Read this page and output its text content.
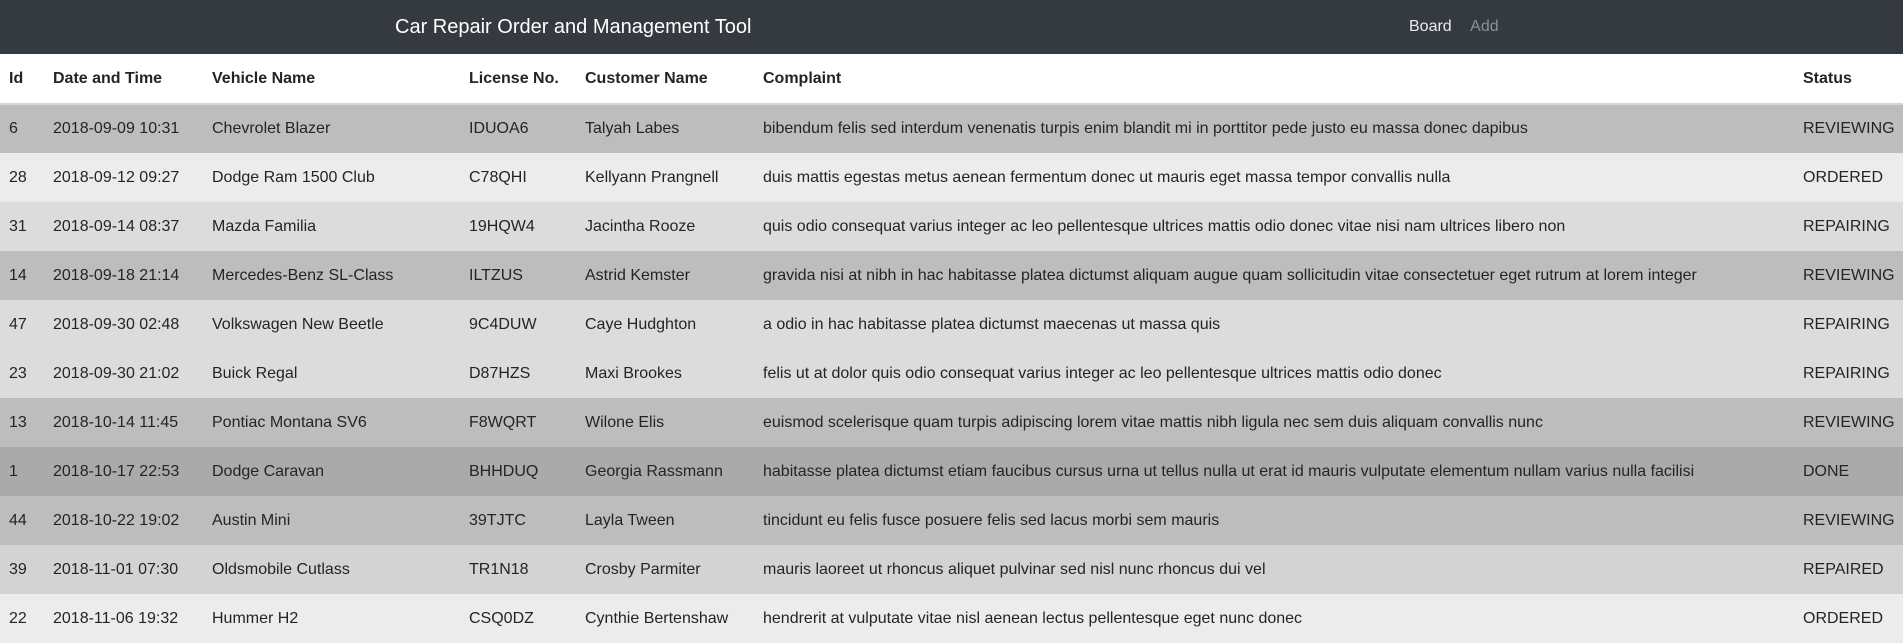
Car Repair Order and Management Tool	Board Add
Id	Date and Time	Vehicle Name	License No.	Customer Name	Complaint	Status
6	2018-09-09 10:31	Chevrolet Blazer	IDUOA6	Talyah Labes	bibendum felis sed interdum venenatis turpis enim blandit mi in porttitor pede justo eu massa donec dapibus	REVIEWING
28	2018-09-12 09:27	Dodge Ram 1500 Club	C78QHI	Kellyann Prangnell	duis mattis egestas metus aenean fermentum donec ut mauris eget massa tempor convallis nulla	ORDERED
31	2018-09-14 08:37	Mazda Familia	19HQW4	Jacintha Rooze	quis odio consequat varius integer ac leo pellentesque ultrices mattis odio donec vitae nisi nam ultrices libero non	REPAIRING
14	2018-09-18 21:14	Mercedes-Benz SL-Class	ILTZUS	Astrid Kemster	gravida nisi at nibh in hac habitasse platea dictumst aliquam augue quam sollicitudin vitae consectetuer eget rutrum at lorem integer	REVIEWING
47	2018-09-30 02:48	Volkswagen New Beetle	9C4DUW	Caye Hudghton	a odio in hac habitasse platea dictumst maecenas ut massa quis	REPAIRING
23	2018-09-30 21:02	Buick Regal	D87HZS	Maxi Brookes	felis ut at dolor quis odio consequat varius integer ac leo pellentesque ultrices mattis odio donec	REPAIRING
13	2018-10-14 11:45	Pontiac Montana SV6	F8WQRT	Wilone Elis	euismod scelerisque quam turpis adipiscing lorem vitae mattis nibh ligula nec sem duis aliquam convallis nunc	REVIEWING
1	2018-10-17 22:53	Dodge Caravan	BHHDUQ	Georgia Rassmann	habitasse platea dictumst etiam faucibus cursus urna ut tellus nulla ut erat id mauris vulputate elementum nullam varius nulla facilisi	DONE
44	2018-10-22 19:02	Austin Mini	39TJTC	Layla Tween	tincidunt eu felis fusce posuere felis sed lacus morbi sem mauris	REVIEWING
39	2018-11-01 07:30	Oldsmobile Cutlass	TR1N18	Crosby Parmiter	mauris laoreet ut rhoncus aliquet pulvinar sed nisl nunc rhoncus dui vel	REPAIRED
22	2018-11-06 19:32	Hummer H2	CSQ0DZ	Cynthie Bertenshaw	hendrerit at vulputate vitae nisl aenean lectus pellentesque eget nunc donec	ORDERED
